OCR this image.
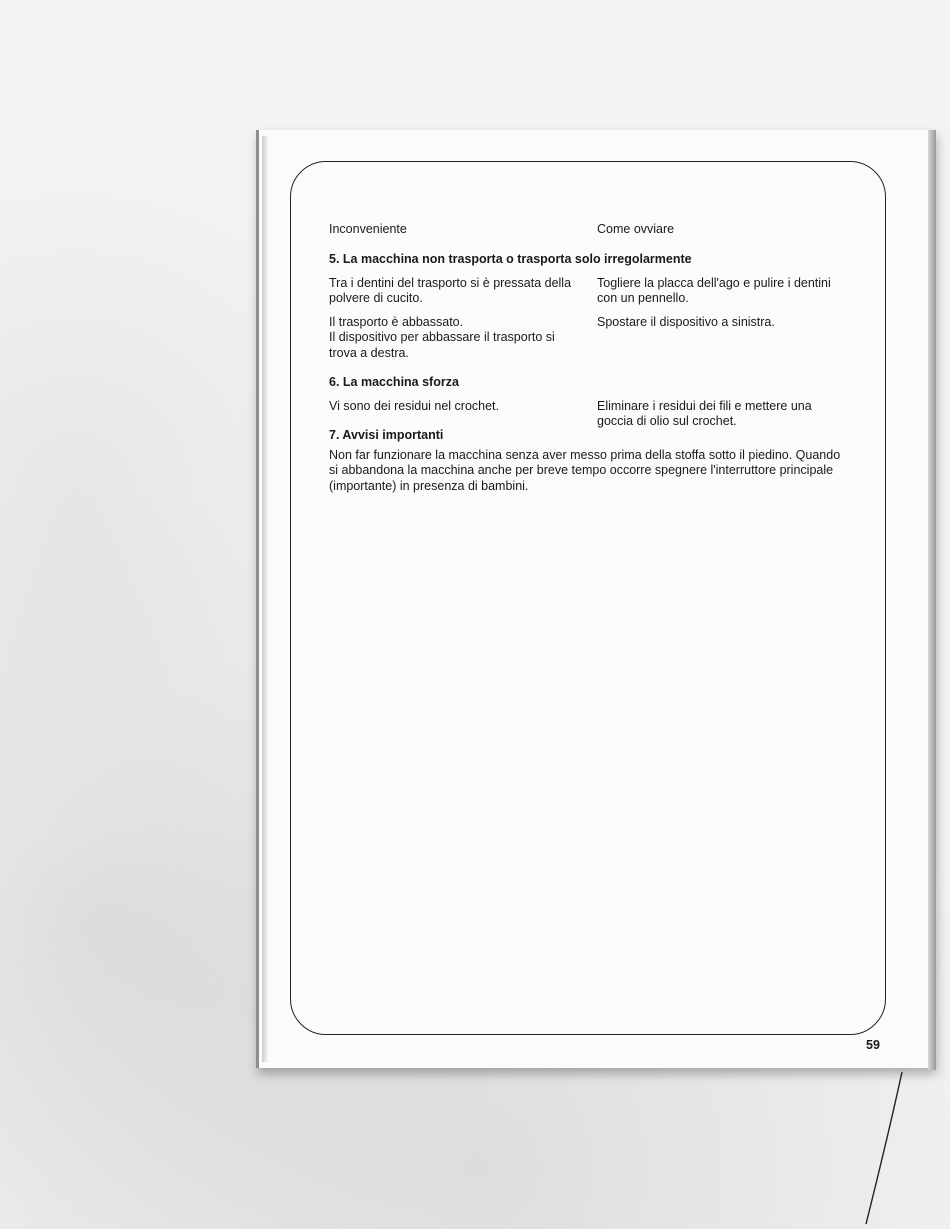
Inconveniente	Come ovviare
5. La macchina non trasporta o trasporta solo irregolarmente
Tra i dentini del trasporto si è pressata della polvere di cucito.
Togliere la placca dell'ago e pulire i dentini con un pennello.
Il trasporto è abbassato.
Il dispositivo per abbassare il trasporto si trova a destra.
Spostare il dispositivo a sinistra.
6. La macchina sforza
Vi sono dei residui nel crochet.	Eliminare i residui dei fili e mettere una goccia di olio sul crochet.
7. Avvisi importanti
Non far funzionare la macchina senza aver messo prima della stoffa sotto il piedino. Quando si abbandona la macchina anche per breve tempo occorre spegnere l'interruttore principale (importante) in presenza di bambini.
59
